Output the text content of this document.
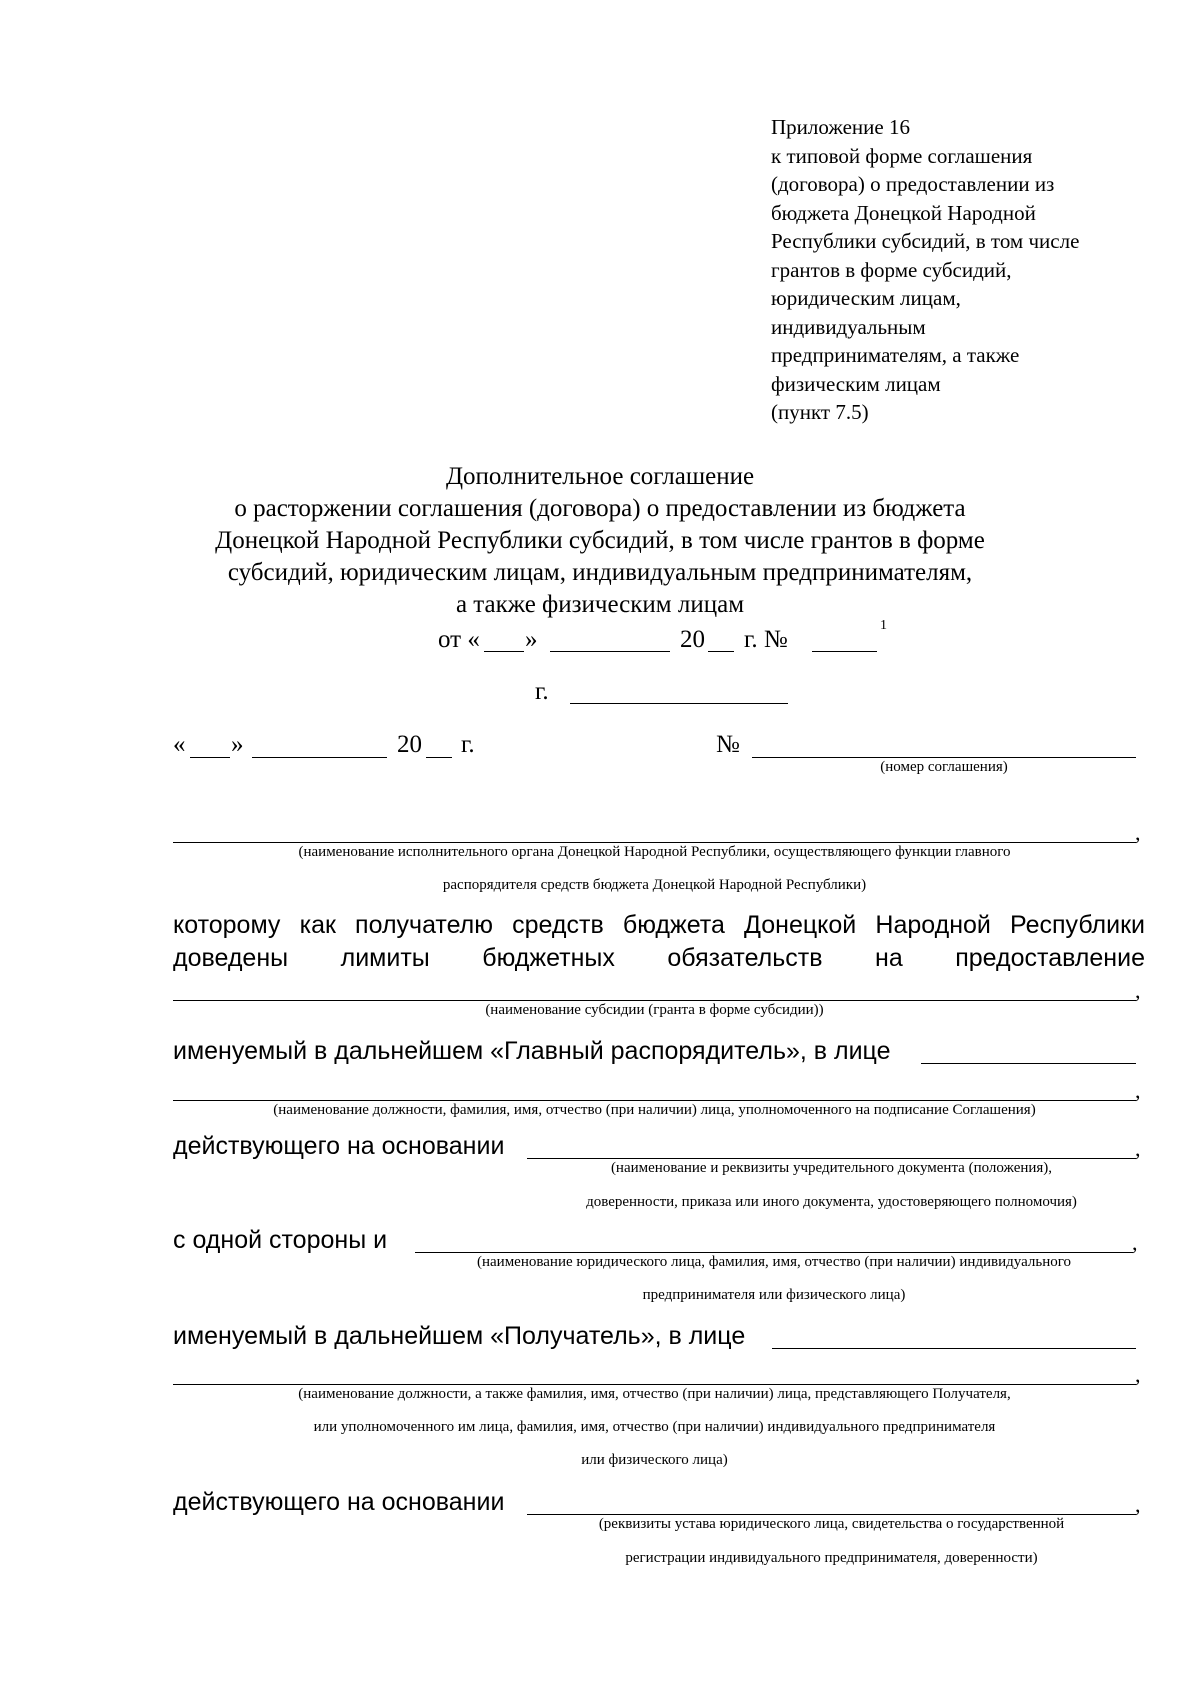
Приложение 16
к типовой форме соглашения
(договора) о предоставлении из
бюджета Донецкой Народной
Республики субсидий, в том числе
грантов в форме субсидий,
юридическим лицам,
индивидуальным
предпринимателям, а также
физическим лицам
(пункт 7.5)
Дополнительное соглашение
о расторжении соглашения (договора) о предоставлении из бюджета
Донецкой Народной Республики субсидий, в том числе грантов в форме
субсидий, юридическим лицам, индивидуальным предпринимателям,
а также физическим лицам
от « »	20 г. №
1
г.
« »	20 г.	№
(номер соглашения)
,
(наименование исполнительного органа Донецкой Народной Республики, осуществляющего функции главного
распорядителя средств бюджета Донецкой Народной Республики)
которому как получателю средств бюджета Донецкой Народной Республики
доведены лимиты бюджетных обязательств на предоставление
,
(наименование субсидии (гранта в форме субсидии))
именуемый в дальнейшем «Главный распорядитель», в лице
,
(наименование должности, фамилия, имя, отчество (при наличии) лица, уполномоченного на подписание Соглашения)
действующего на основании	,
(наименование и реквизиты учредительного документа (положения),
доверенности, приказа или иного документа, удостоверяющего полномочия)
с одной стороны и	,
(наименование юридического лица, фамилия, имя, отчество (при наличии) индивидуального
предпринимателя или физического лица)
именуемый в дальнейшем «Получатель», в лице
,
(наименование должности, а также фамилия, имя, отчество (при наличии) лица, представляющего Получателя,
или уполномоченного им лица, фамилия, имя, отчество (при наличии) индивидуального предпринимателя
или физического лица)
действующего на основании	,
(реквизиты устава юридического лица, свидетельства о государственной
регистрации индивидуального предпринимателя, доверенности)
